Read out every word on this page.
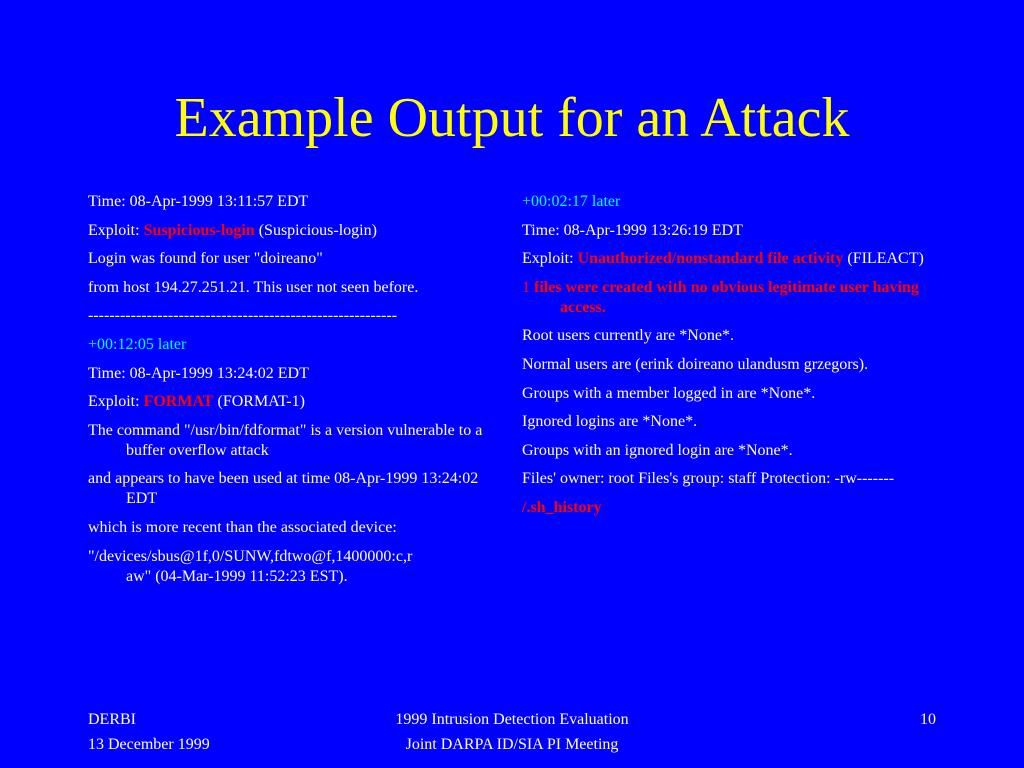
Example Output for an Attack

Time: 08-Apr-1999 13:11:57 EDT

Exploit: Suspicious-login (Suspicious-login)

Login was found for user "doireano"

from host 194.27.251.21. This user not seen before.

----------------------------------------------------------

+00:12:05 later

Time: 08-Apr-1999 13:24:02 EDT

Exploit: FORMAT (FORMAT-1)

The command "/usr/bin/fdformat" is a version vulnerable to a buffer overflow attack

and appears to have been used at time 08-Apr-1999 13:24:02 EDT

which is more recent than the associated device:

"/devices/sbus@1f,0/SUNW,fdtwo@f,1400000:c,r
aw" (04-Mar-1999 11:52:23 EST).

+00:02:17 later

Time: 08-Apr-1999 13:26:19 EDT

Exploit: Unauthorized/nonstandard file activity (FILEACT)

1 files were created with no obvious legitimate user having access.

Root users currently are *None*.

Normal users are (erink doireano ulandusm grzegors).

Groups with a member logged in are *None*.

Ignored logins are *None*.

Groups with an ignored login are *None*.

Files' owner: root Files's group: staff Protection: -rw-------

/.sh_history

DERBI
13 December 1999
1999 Intrusion Detection Evaluation
Joint DARPA ID/SIA PI Meeting
10
